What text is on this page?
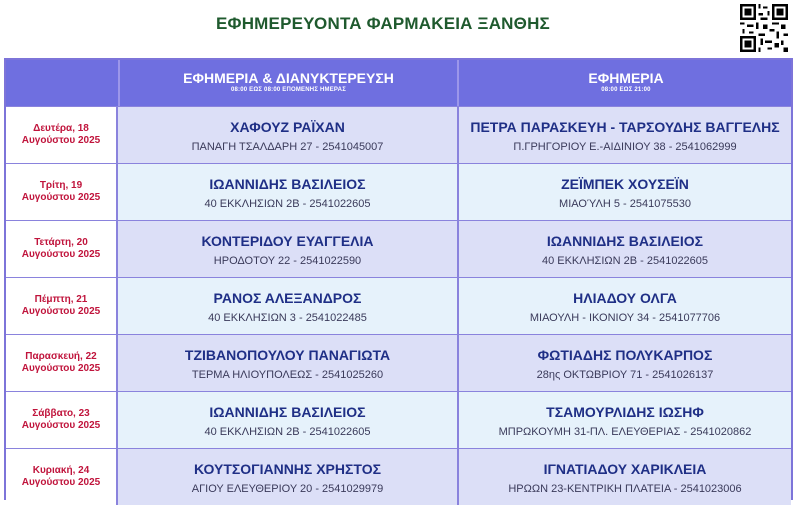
ΕΦΗΜΕΡΕΥΟΝΤΑ ΦΑΡΜΑΚΕΙΑ ΞΑΝΘΗΣ
ΕΦΗΜΕΡΙΑ & ΔΙΑΝΥΚΤΕΡΕΥΣΗ
08:00 ΕΩΣ 08:00 ΕΠΟΜΕΝΗΣ ΗΜΕΡΑΣ
ΕΦΗΜΕΡΙΑ
08:00 ΕΩΣ 21:00
Δευτέρα, 18
Αυγούστου 2025
ΧΑΦΟΥΖ ΡΑΪΧΑΝ
ΠΑΝΑΓΗ ΤΣΑΛΔΑΡΗ 27 - 2541045007
ΠΕΤΡΑ ΠΑΡΑΣΚΕΥΗ - ΤΑΡΣΟΥΔΗΣ ΒΑΓΓΕΛΗΣ
Π.ΓΡΗΓΟΡΙΟΥ Ε.-ΑΙΔΙΝΙΟΥ 38 - 2541062999
Τρίτη, 19
Αυγούστου 2025
ΙΩΑΝΝΙΔΗΣ ΒΑΣΙΛΕΙΟΣ
40 ΕΚΚΛΗΣΙΩΝ 2Β - 2541022605
ΖΕΪΜΠΕΚ ΧΟΥΣΕΪΝ
ΜΙΑΟΎΛΗ 5 - 2541075530
Τετάρτη, 20
Αυγούστου 2025
ΚΟΝΤΕΡΙΔΟΥ ΕΥΑΓΓΕΛΙΑ
ΗΡΟΔΟΤΟΥ 22 - 2541022590
ΙΩΑΝΝΙΔΗΣ ΒΑΣΙΛΕΙΟΣ
40 ΕΚΚΛΗΣΙΩΝ 2Β - 2541022605
Πέμπτη, 21
Αυγούστου 2025
ΡΑΝΟΣ ΑΛΕΞΑΝΔΡΟΣ
40 ΕΚΚΛΗΣΙΩΝ 3 - 2541022485
ΗΛΙΑΔΟΥ ΟΛΓΑ
ΜΙΑΟΥΛΗ - ΙΚΟΝΙΟΥ 34 - 2541077706
Παρασκευή, 22
Αυγούστου 2025
ΤΖΙΒΑΝΟΠΟΥΛΟΥ ΠΑΝΑΓΙΩΤΑ
ΤΕΡΜΑ ΗΛΙΟΥΠΟΛΕΩΣ - 2541025260
ΦΩΤΙΑΔΗΣ ΠΟΛΥΚΑΡΠΟΣ
28ης ΟΚΤΩΒΡΙΟΥ 71 - 2541026137
Σάββατο, 23
Αυγούστου 2025
ΙΩΑΝΝΙΔΗΣ ΒΑΣΙΛΕΙΟΣ
40 ΕΚΚΛΗΣΙΩΝ 2Β - 2541022605
ΤΣΑΜΟΥΡΛΙΔΗΣ ΙΩΣΗΦ
ΜΠΡΩΚΟΥΜΗ 31-ΠΛ. ΕΛΕΥΘΕΡΙΑΣ - 2541020862
Κυριακή, 24
Αυγούστου 2025
ΚΟΥΤΣΟΓΙΑΝΝΗΣ ΧΡΗΣΤΟΣ
ΑΓΙΟΥ ΕΛΕΥΘΕΡΙΟΥ 20 - 2541029979
ΙΓΝΑΤΙΑΔΟΥ ΧΑΡΙΚΛΕΙΑ
ΗΡΩΩΝ 23-ΚΕΝΤΡΙΚΗ ΠΛΑΤΕΙΑ - 2541023006
